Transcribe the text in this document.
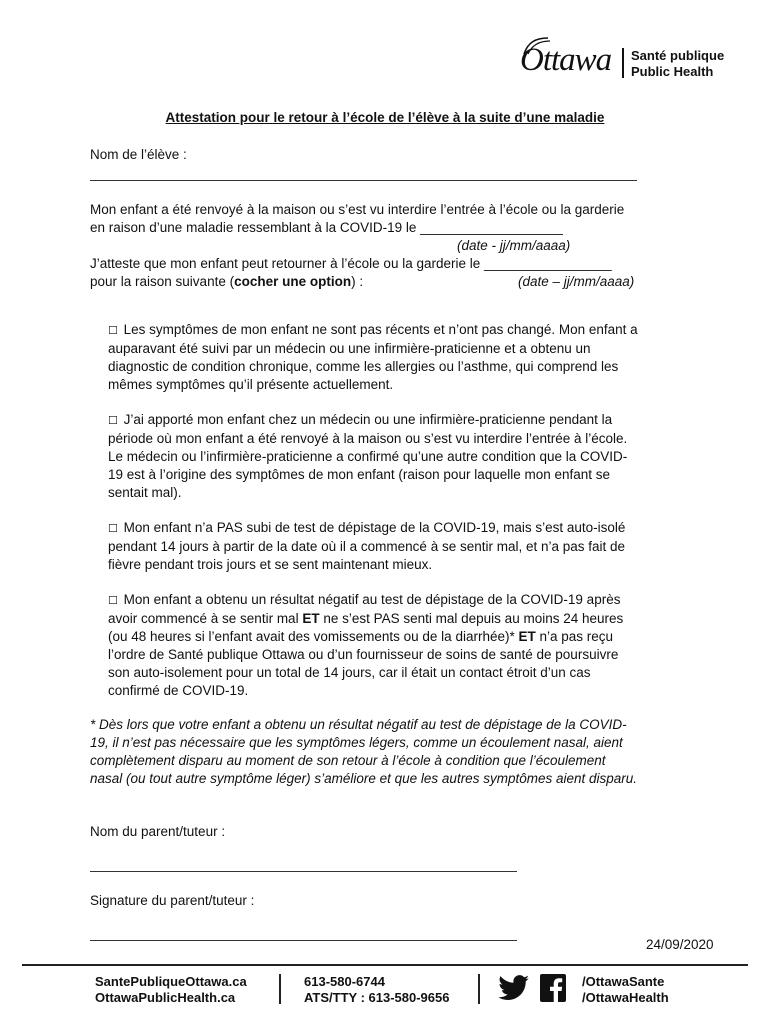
Ottawa Santé publique
Public Health
Attestation pour le retour à l’école de l’élève à la suite d’une maladie
Nom de l’élève :
Mon enfant a été renvoyé à la maison ou s’est vu interdire l’entrée à l’école ou la garderie
en raison d’une maladie ressemblant à la COVID-19 le ___________________
(date - jj/mm/aaaa)
J’atteste que mon enfant peut retourner à l’école ou la garderie le _________________
pour la raison suivante (cocher une option) :	(date – jj/mm/aaaa)
☐ Les symptômes de mon enfant ne sont pas récents et n’ont pas changé. Mon enfant a
auparavant été suivi par un médecin ou une infirmière-praticienne et a obtenu un
diagnostic de condition chronique, comme les allergies ou l’asthme, qui comprend les
mêmes symptômes qu’il présente actuellement.
☐ J’ai apporté mon enfant chez un médecin ou une infirmière-praticienne pendant la
période où mon enfant a été renvoyé à la maison ou s’est vu interdire l’entrée à l’école.
Le médecin ou l’infirmière-praticienne a confirmé qu’une autre condition que la COVID-
19 est à l’origine des symptômes de mon enfant (raison pour laquelle mon enfant se
sentait mal).
☐ Mon enfant n’a PAS subi de test de dépistage de la COVID-19, mais s’est auto-isolé
pendant 14 jours à partir de la date où il a commencé à se sentir mal, et n’a pas fait de
fièvre pendant trois jours et se sent maintenant mieux.
☐ Mon enfant a obtenu un résultat négatif au test de dépistage de la COVID-19 après
avoir commencé à se sentir mal ET ne s’est PAS senti mal depuis au moins 24 heures
(ou 48 heures si l’enfant avait des vomissements ou de la diarrhée)* ET n’a pas reçu
l’ordre de Santé publique Ottawa ou d’un fournisseur de soins de santé de poursuivre
son auto-isolement pour un total de 14 jours, car il était un contact étroit d’un cas
confirmé de COVID-19.
* Dès lors que votre enfant a obtenu un résultat négatif au test de dépistage de la COVID-
19, il n’est pas nécessaire que les symptômes légers, comme un écoulement nasal, aient
complètement disparu au moment de son retour à l’école à condition que l’écoulement
nasal (ou tout autre symptôme léger) s’améliore et que les autres symptômes aient disparu.
Nom du parent/tuteur :
Signature du parent/tuteur :
24/09/2020
SantePubliqueOttawa.ca
OttawaPublicHealth.ca
613-580-6744
ATS/TTY : 613-580-9656
/OttawaSante
/OttawaHealth
